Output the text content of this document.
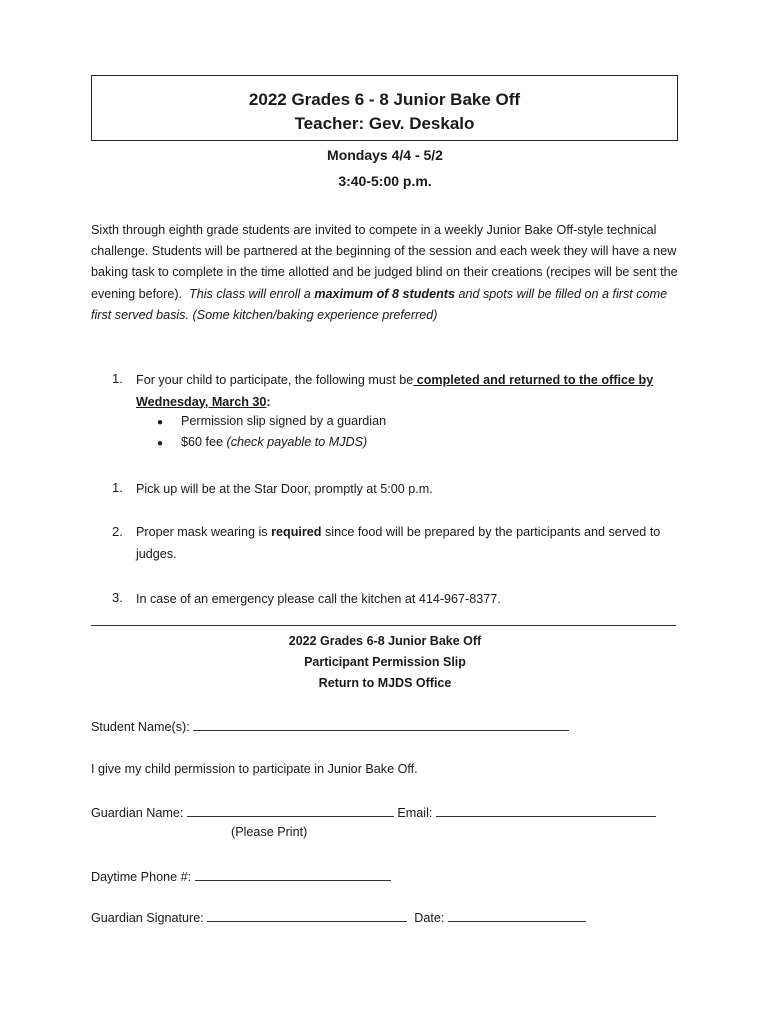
2022 Grades 6 - 8 Junior Bake Off
Teacher: Gev. Deskalo
Mondays 4/4 - 5/2
3:40-5:00 p.m.

Sixth through eighth grade students are invited to compete in a weekly Junior Bake Off-style technical challenge. Students will be partnered at the beginning of the session and each week they will have a new baking task to complete in the time allotted and be judged blind on their creations (recipes will be sent the evening before). This class will enroll a maximum of 8 students and spots will be filled on a first come first served basis. (Some kitchen/baking experience preferred)

1. For your child to participate, the following must be completed and returned to the office by Wednesday, March 30:
● Permission slip signed by a guardian
● $60 fee (check payable to MJDS)
1. Pick up will be at the Star Door, promptly at 5:00 p.m.
2. Proper mask wearing is required since food will be prepared by the participants and served to judges.
3. In case of an emergency please call the kitchen at 414-967-8377.
2022 Grades 6-8 Junior Bake Off
Participant Permission Slip
Return to MJDS Office
Student Name(s):
I give my child permission to participate in Junior Bake Off.
Guardian Name:	Email:
(Please Print)
Daytime Phone #:
Guardian Signature:	Date:
